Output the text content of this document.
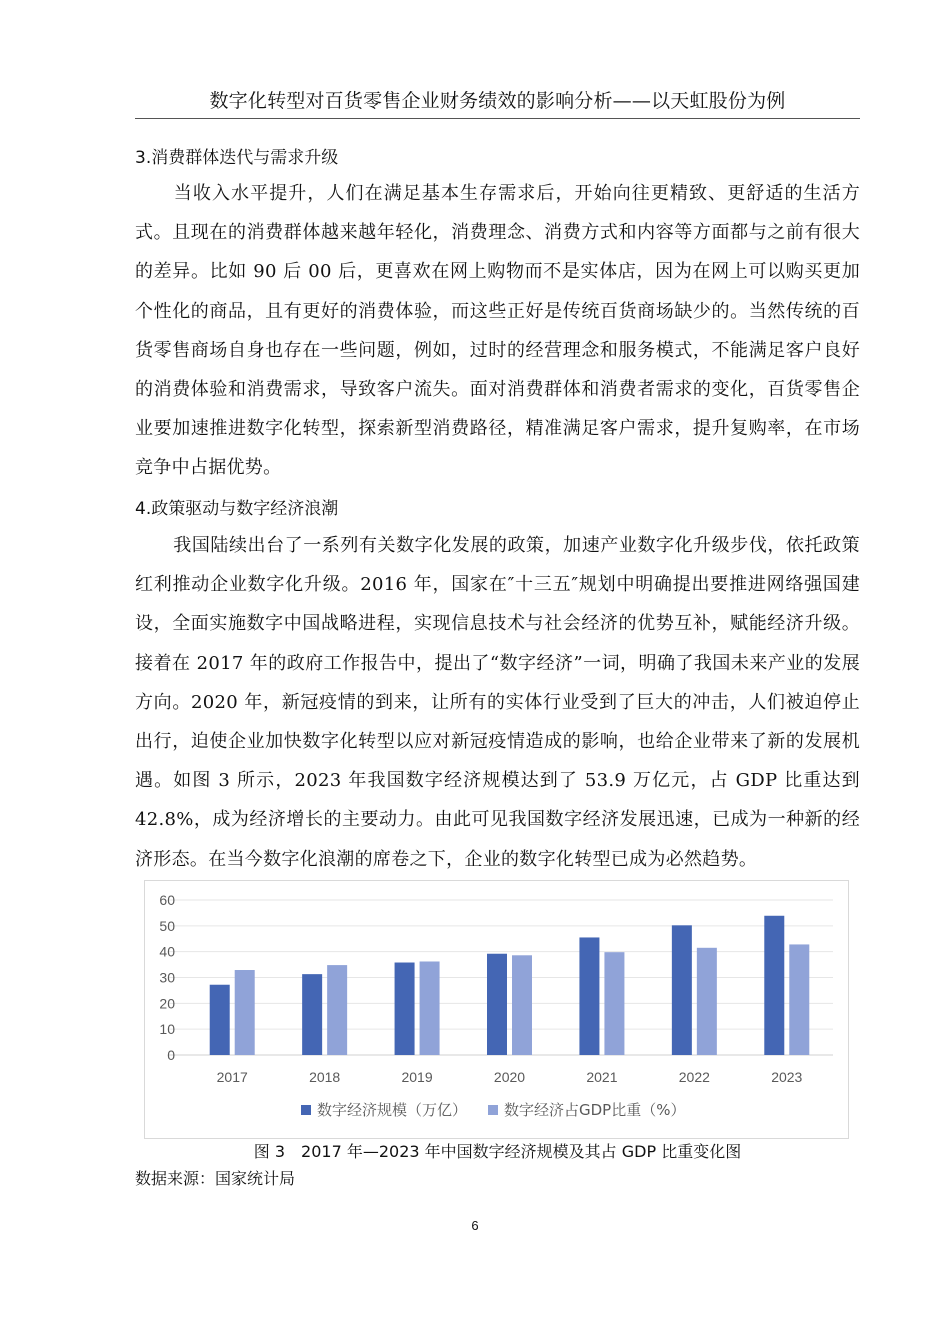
数字化转型对百货零售企业财务绩效的影响分析——以天虹股份为例
3.消费群体迭代与需求升级
当收入水平提升，人们在满足基本生存需求后，开始向往更精致、更舒适的生活方式。且现在的消费群体越来越年轻化，消费理念、消费方式和内容等方面都与之前有很大的差异。比如 90 后 00 后，更喜欢在网上购物而不是实体店，因为在网上可以购买更加个性化的商品，且有更好的消费体验，而这些正好是传统百货商场缺少的。当然传统的百货零售商场自身也存在一些问题，例如，过时的经营理念和服务模式，不能满足客户良好的消费体验和消费需求，导致客户流失。面对消费群体和消费者需求的变化，百货零售企业要加速推进数字化转型，探索新型消费路径，精准满足客户需求，提升复购率，在市场竞争中占据优势。
4.政策驱动与数字经济浪潮
我国陆续出台了一系列有关数字化发展的政策，加速产业数字化升级步伐，依托政策红利推动企业数字化升级。2016 年，国家在″十三五″规划中明确提出要推进网络强国建设，全面实施数字中国战略进程，实现信息技术与社会经济的优势互补，赋能经济升级。接着在 2017 年的政府工作报告中，提出了“数字经济”一词，明确了我国未来产业的发展方向。2020 年，新冠疫情的到来，让所有的实体行业受到了巨大的冲击，人们被迫停止出行，迫使企业加快数字化转型以应对新冠疫情造成的影响，也给企业带来了新的发展机遇。如图 3 所示，2023 年我国数字经济规模达到了 53.9 万亿元，占 GDP 比重达到 42.8%，成为经济增长的主要动力。由此可见我国数字经济发展迅速，已成为一种新的经济形态。在当今数字化浪潮的席卷之下，企业的数字化转型已成为必然趋势。
0
10
20
30
40
50
60
2017	2018	2019	2020	2021	2022	2023
数字经济规模（万亿） 数字经济占GDP比重（%）
图 3　2017 年—2023 年中国数字经济规模及其占 GDP 比重变化图
数据来源：国家统计局
6
